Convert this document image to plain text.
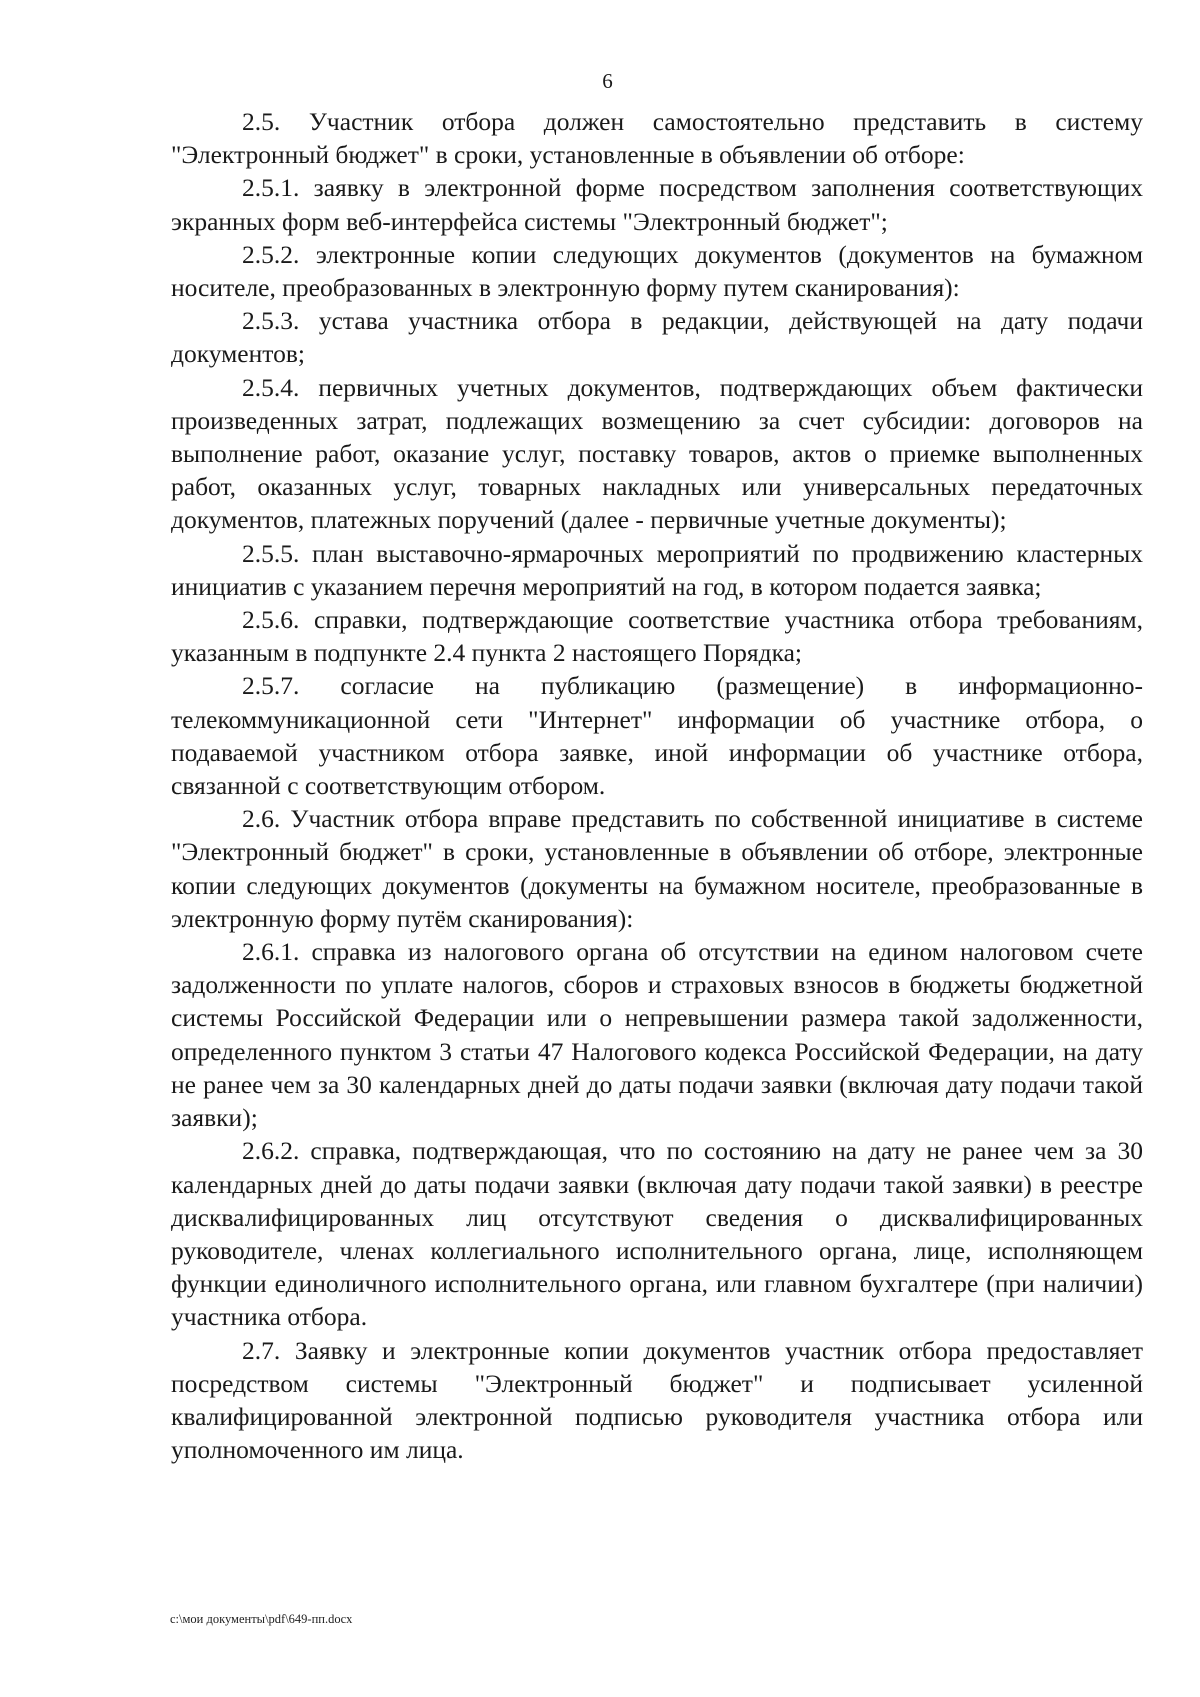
6

2.5. Участник отбора должен самостоятельно представить в систему "Электронный бюджет" в сроки, установленные в объявлении об отборе:

2.5.1. заявку в электронной форме посредством заполнения соответствующих экранных форм веб-интерфейса системы "Электронный бюджет";

2.5.2. электронные копии следующих документов (документов на бумажном носителе, преобразованных в электронную форму путем сканирования):

2.5.3. устава участника отбора в редакции, действующей на дату подачи документов;

2.5.4. первичных учетных документов, подтверждающих объем фактически произведенных затрат, подлежащих возмещению за счет субсидии: договоров на выполнение работ, оказание услуг, поставку товаров, актов о приемке выполненных работ, оказанных услуг, товарных накладных или универсальных передаточных документов, платежных поручений (далее - первичные учетные документы);

2.5.5. план выставочно-ярмарочных мероприятий по продвижению кластерных инициатив с указанием перечня мероприятий на год, в котором подается заявка;

2.5.6. справки, подтверждающие соответствие участника отбора требованиям, указанным в подпункте 2.4 пункта 2 настоящего Порядка;

2.5.7. согласие на публикацию (размещение) в информационно-телекоммуникационной сети "Интернет" информации об участнике отбора, о подаваемой участником отбора заявке, иной информации об участнике отбора, связанной с соответствующим отбором.

2.6. Участник отбора вправе представить по собственной инициативе в системе "Электронный бюджет" в сроки, установленные в объявлении об отборе, электронные копии следующих документов (документы на бумажном носителе, преобразованные в электронную форму путём сканирования):

2.6.1. справка из налогового органа об отсутствии на едином налоговом счете задолженности по уплате налогов, сборов и страховых взносов в бюджеты бюджетной системы Российской Федерации или о непревышении размера такой задолженности, определенного пунктом 3 статьи 47 Налогового кодекса Российской Федерации, на дату не ранее чем за 30 календарных дней до даты подачи заявки (включая дату подачи такой заявки);

2.6.2. справка, подтверждающая, что по состоянию на дату не ранее чем за 30 календарных дней до даты подачи заявки (включая дату подачи такой заявки) в реестре дисквалифицированных лиц отсутствуют сведения о дисквалифицированных руководителе, членах коллегиального исполнительного органа, лице, исполняющем функции единоличного исполнительного органа, или главном бухгалтере (при наличии) участника отбора.

2.7. Заявку и электронные копии документов участник отбора предоставляет посредством системы "Электронный бюджет" и подписывает усиленной квалифицированной электронной подписью руководителя участника отбора или уполномоченного им лица.

c:\мои документы\pdf\649-пп.docx
